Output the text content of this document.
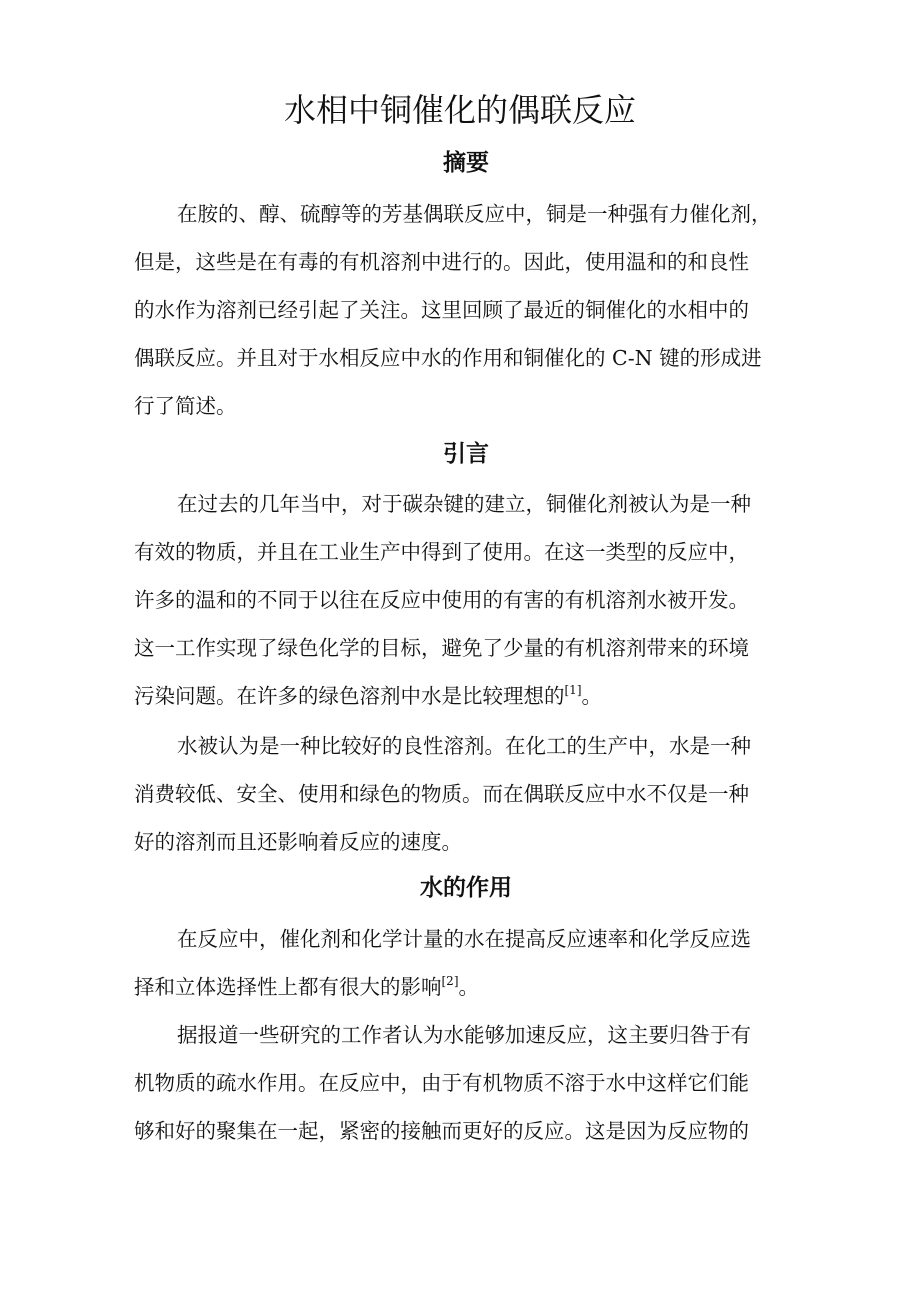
水相中铜催化的偶联反应
摘要

在胺的、醇、硫醇等的芳基偶联反应中，铜是一种强有力催化剂，
但是，这些是在有毒的有机溶剂中进行的。因此，使用温和的和良性
的水作为溶剂已经引起了关注。这里回顾了最近的铜催化的水相中的
偶联反应。并且对于水相反应中水的作用和铜催化的 C-N 键的形成进
行了简述。

引言

在过去的几年当中，对于碳杂键的建立，铜催化剂被认为是一种
有效的物质，并且在工业生产中得到了使用。在这一类型的反应中，
许多的温和的不同于以往在反应中使用的有害的有机溶剂水被开发。
这一工作实现了绿色化学的目标，避免了少量的有机溶剂带来的环境
污染问题。在许多的绿色溶剂中水是比较理想的[1]。

水被认为是一种比较好的良性溶剂。在化工的生产中，水是一种
消费较低、安全、使用和绿色的物质。而在偶联反应中水不仅是一种
好的溶剂而且还影响着反应的速度。

水的作用

在反应中，催化剂和化学计量的水在提高反应速率和化学反应选
择和立体选择性上都有很大的影响[2]。

据报道一些研究的工作者认为水能够加速反应，这主要归咎于有
机物质的疏水作用。在反应中，由于有机物质不溶于水中这样它们能
够和好的聚集在一起，紧密的接触而更好的反应。这是因为反应物的
